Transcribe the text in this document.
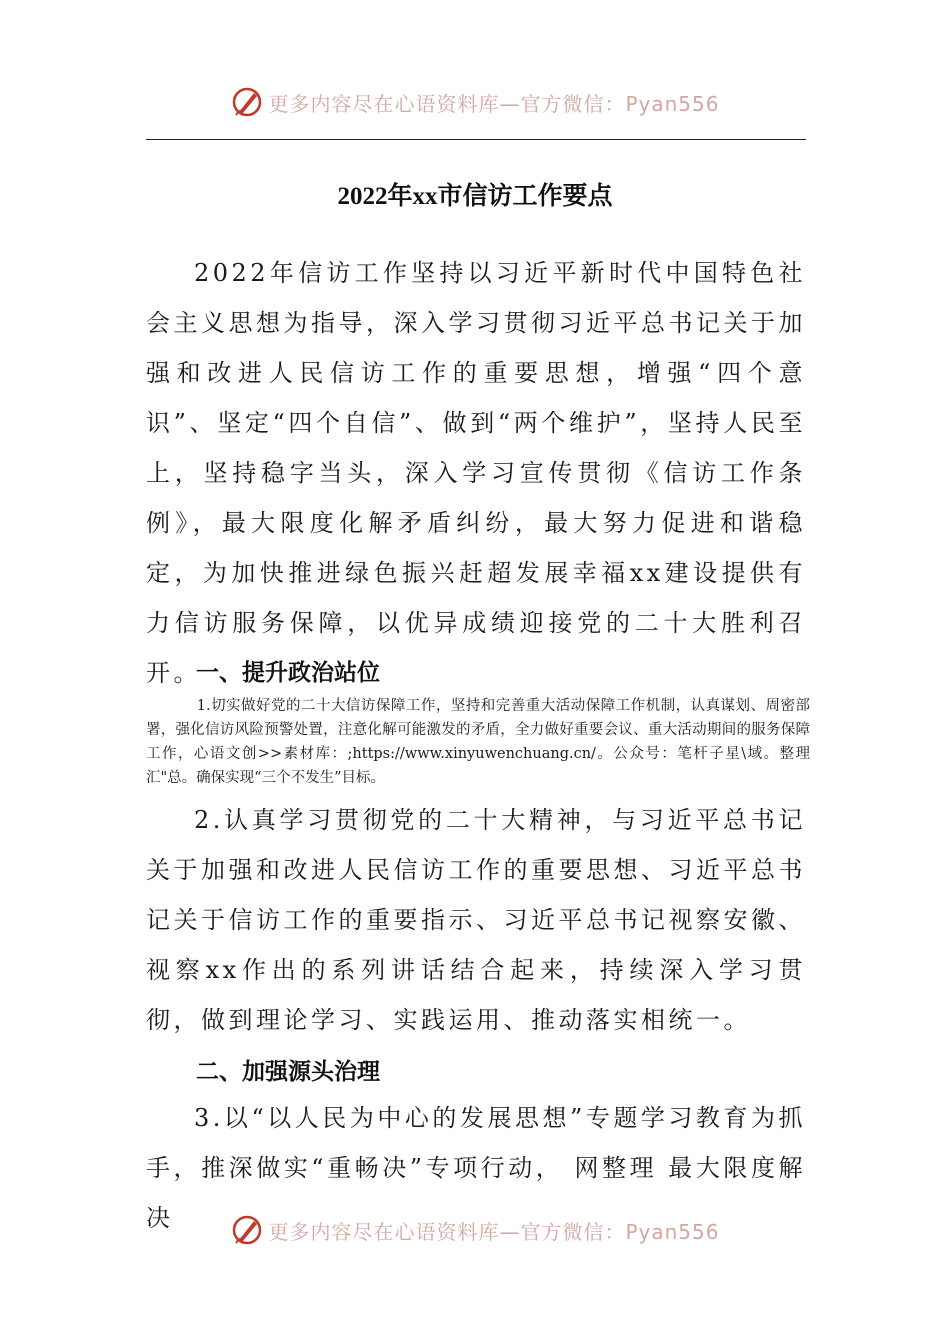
更多内容尽在心语资料库—官方微信：Pyan556
2022年xx市信访工作要点

2022年信访工作坚持以习近平新时代中国特色社会主义思想为指导，深入学习贯彻习近平总书记关于加强和改进人民信访工作的重要思想，增强“四个意识”、坚定“四个自信”、做到“两个维护”，坚持人民至上，坚持稳字当头，深入学习宣传贯彻《信访工作条例》，最大限度化解矛盾纠纷，最大努力促进和谐稳定，为加快推进绿色振兴赶超发展幸福xx建设提供有力信访服务保障，以优异成绩迎接党的二十大胜利召开。

一、提升政治站位

1.切实做好党的二十大信访保障工作，坚持和完善重大活动保障工作机制，认真谋划、周密部署，强化信访风险预警处置，注意化解可能激发的矛盾，全力做好重要会议、重大活动期间的服务保障工作，心语文创>>素材库：;https://www.xinyuwenchuang.cn/。公众号：笔杆子星\域。整理汇"总。确保实现“三个不发生”目标。

2.认真学习贯彻党的二十大精神，与习近平总书记关于加强和改进人民信访工作的重要思想、习近平总书记关于信访工作的重要指示、习近平总书记视察安徽、视察xx作出的系列讲话结合起来，持续深入学习贯彻，做到理论学习、实践运用、推动落实相统一。

二、加强源头治理

3.以“以人民为中心的发展思想”专题学习教育为抓手，推深做实“重畅决”专项行动， 网整理 最大限度解决	更多内容尽在心语资料库—官方微信：Pyan556
